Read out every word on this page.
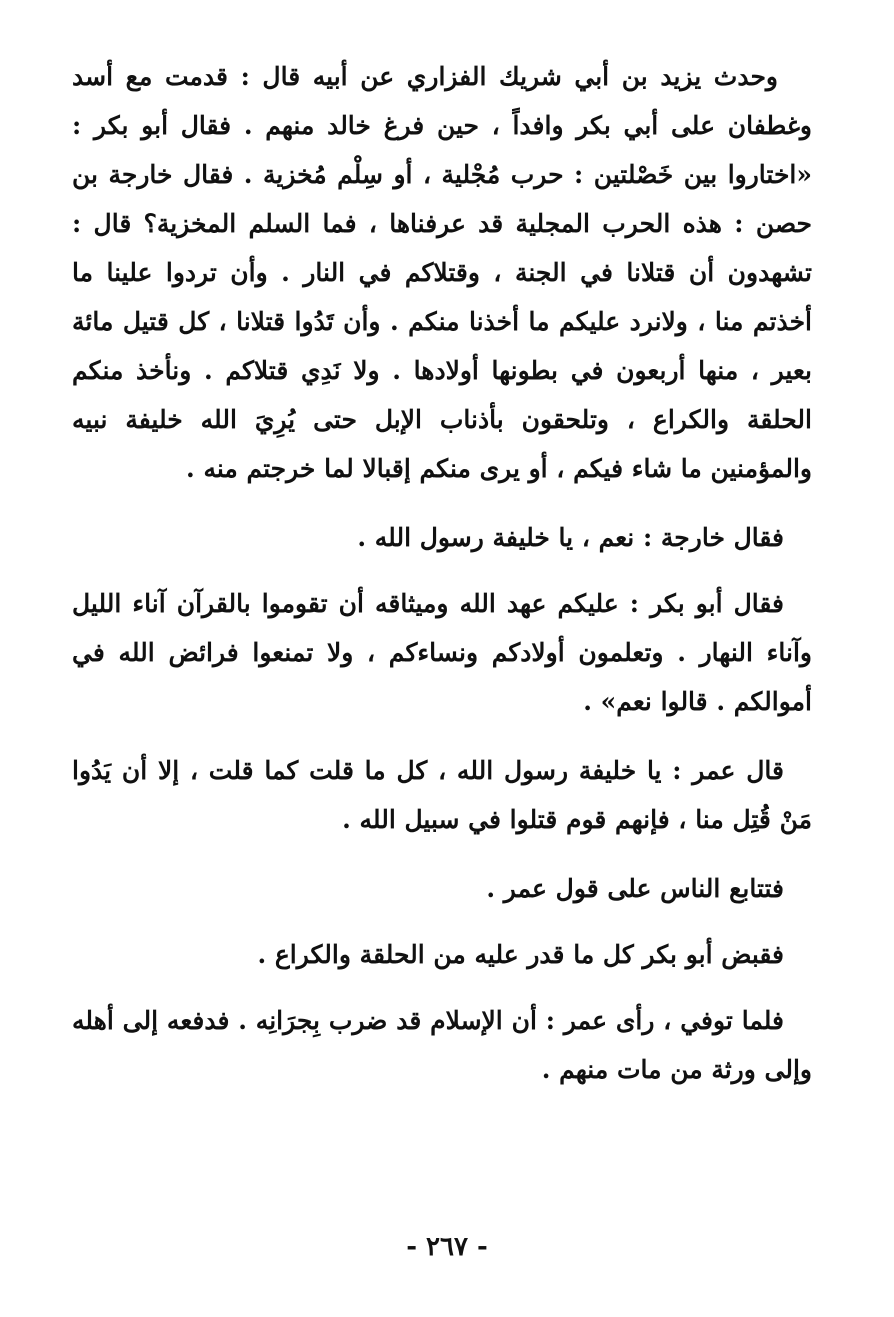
وحدث يزيد بن أبي شريك الفزاري عن أبيه قال : قدمت مع أسد وغطفان على أبي بكر وافداً ، حين فرغ خالد منهم . فقال أبو بكر : «اختاروا بين خَصْلتين : حرب مُجْلية ، أو سِلْم مُخزية . فقال خارجة بن حصن : هذه الحرب المجلية قد عرفناها ، فما السلم المخزية؟ قال : تشهدون أن قتلانا في الجنة ، وقتلاكم في النار . وأن تردوا علينا ما أخذتم منا ، ولانرد عليكم ما أخذنا منكم . وأن تَدُوا قتلانا ، كل قتيل مائة بعير ، منها أربعون في بطونها أولادها . ولا نَدِي قتلاكم . ونأخذ منكم الحلقة والكراع ، وتلحقون بأذناب الإبل حتى يُرِيَ الله خليفة نبيه والمؤمنين ما شاء فيكم ، أو يرى منكم إقبالا لما خرجتم منه .

فقال خارجة : نعم ، يا خليفة رسول الله .

فقال أبو بكر : عليكم عهد الله وميثاقه أن تقوموا بالقرآن آناء الليل وآناء النهار . وتعلمون أولادكم ونساءكم ، ولا تمنعوا فرائض الله في أموالكم . قالوا نعم» .

قال عمر : يا خليفة رسول الله ، كل ما قلت كما قلت ، إلا أن يَدُوا مَنْ قُتِل منا ، فإنهم قوم قتلوا في سبيل الله .

فتتابع الناس على قول عمر .

فقبض أبو بكر كل ما قدر عليه من الحلقة والكراع .

فلما توفي ، رأى عمر : أن الإسلام قد ضرب بِجرَانِه . فدفعه إلى أهله وإلى ورثة من مات منهم .

- ٢٦٧ -
